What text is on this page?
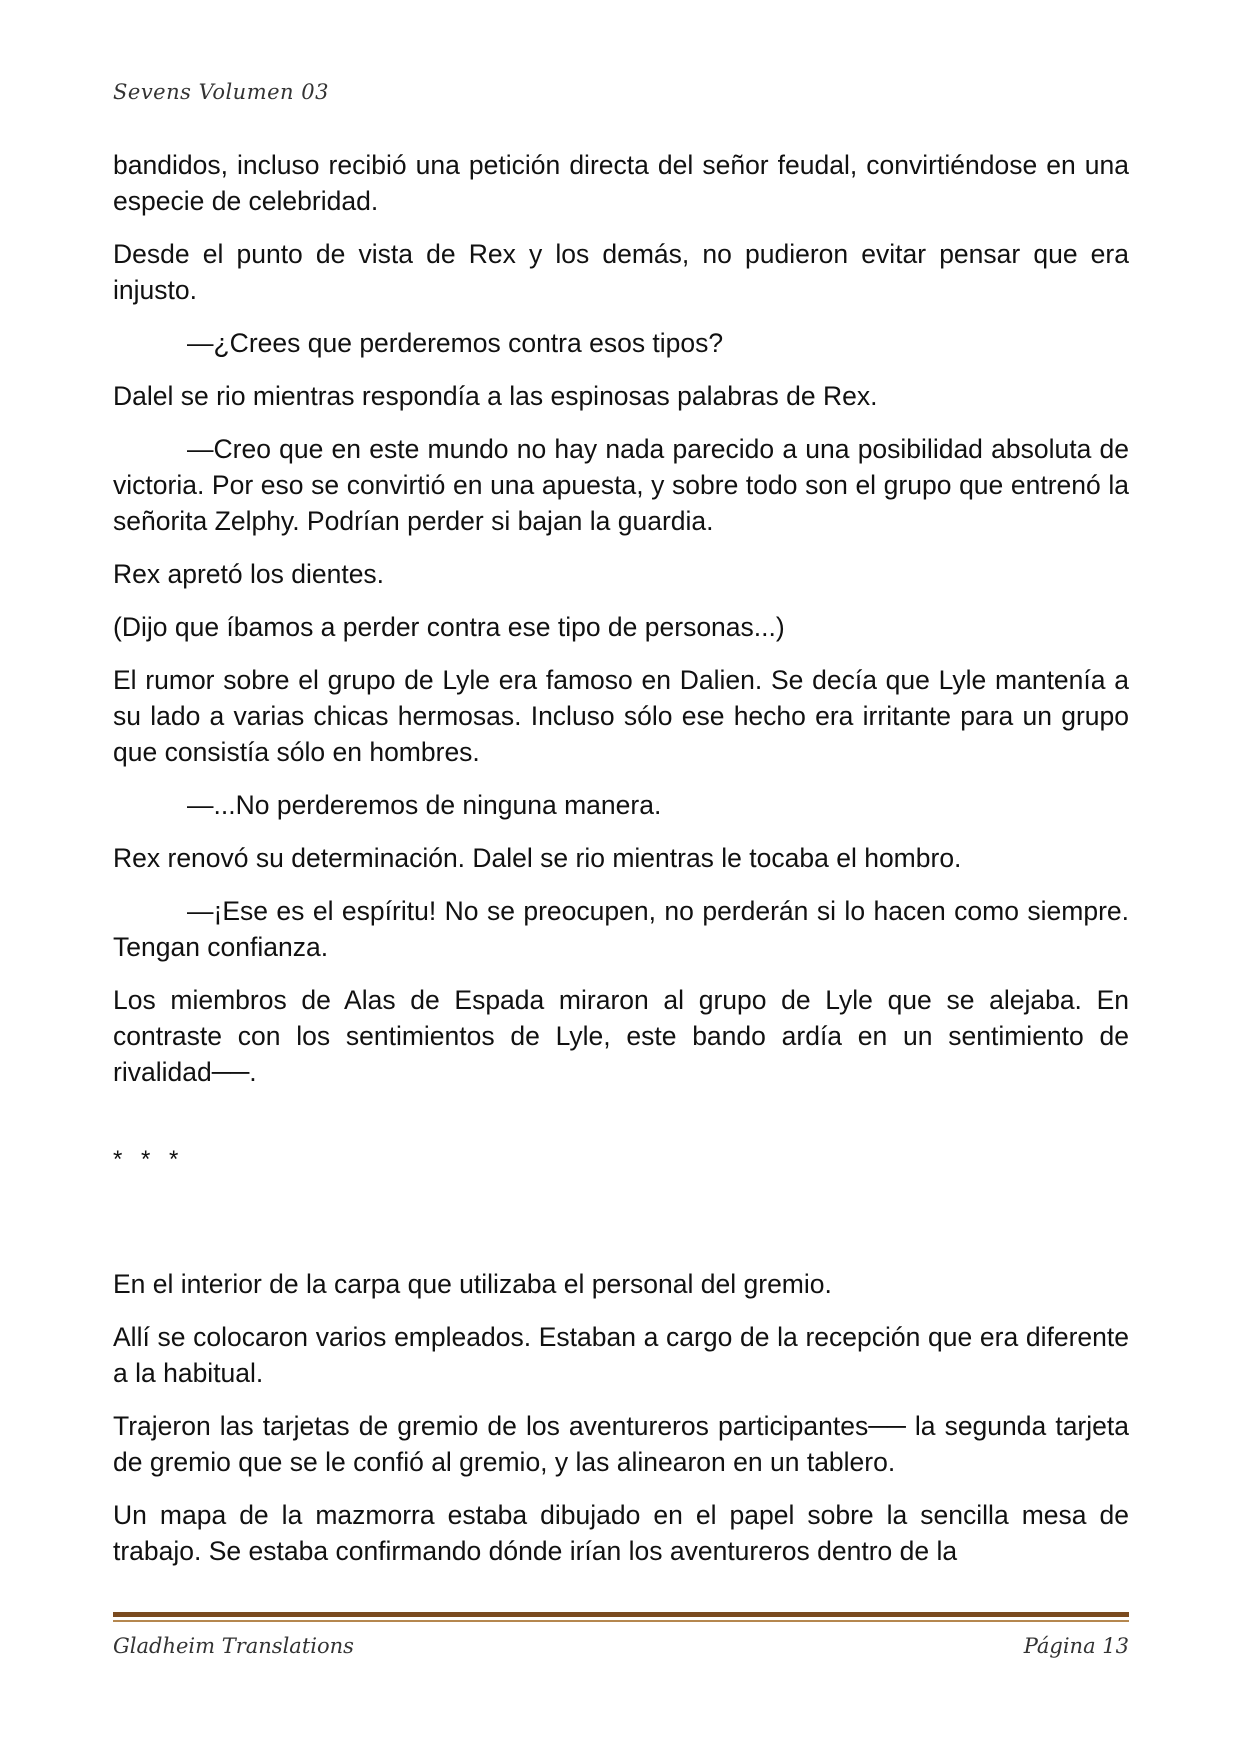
Sevens Volumen 03

bandidos, incluso recibió una petición directa del señor feudal, convirtiéndose en una especie de celebridad.

Desde el punto de vista de Rex y los demás, no pudieron evitar pensar que era injusto.

—¿Crees que perderemos contra esos tipos?

Dalel se rio mientras respondía a las espinosas palabras de Rex.

—Creo que en este mundo no hay nada parecido a una posibilidad absoluta de victoria. Por eso se convirtió en una apuesta, y sobre todo son el grupo que entrenó la señorita Zelphy. Podrían perder si bajan la guardia.

Rex apretó los dientes.

(Dijo que íbamos a perder contra ese tipo de personas...)

El rumor sobre el grupo de Lyle era famoso en Dalien. Se decía que Lyle mantenía a su lado a varias chicas hermosas. Incluso sólo ese hecho era irritante para un grupo que consistía sólo en hombres.

—...No perderemos de ninguna manera.

Rex renovó su determinación. Dalel se rio mientras le tocaba el hombro.

—¡Ese es el espíritu! No se preocupen, no perderán si lo hacen como siempre. Tengan confianza.

Los miembros de Alas de Espada miraron al grupo de Lyle que se alejaba. En contraste con los sentimientos de Lyle, este bando ardía en un sentimiento de rivalidad──.

* * *

En el interior de la carpa que utilizaba el personal del gremio.

Allí se colocaron varios empleados. Estaban a cargo de la recepción que era diferente a la habitual.

Trajeron las tarjetas de gremio de los aventureros participantes── la segunda tarjeta de gremio que se le confió al gremio, y las alinearon en un tablero.

Un mapa de la mazmorra estaba dibujado en el papel sobre la sencilla mesa de trabajo. Se estaba confirmando dónde irían los aventureros dentro de la

Gladheim Translations	Página 13
